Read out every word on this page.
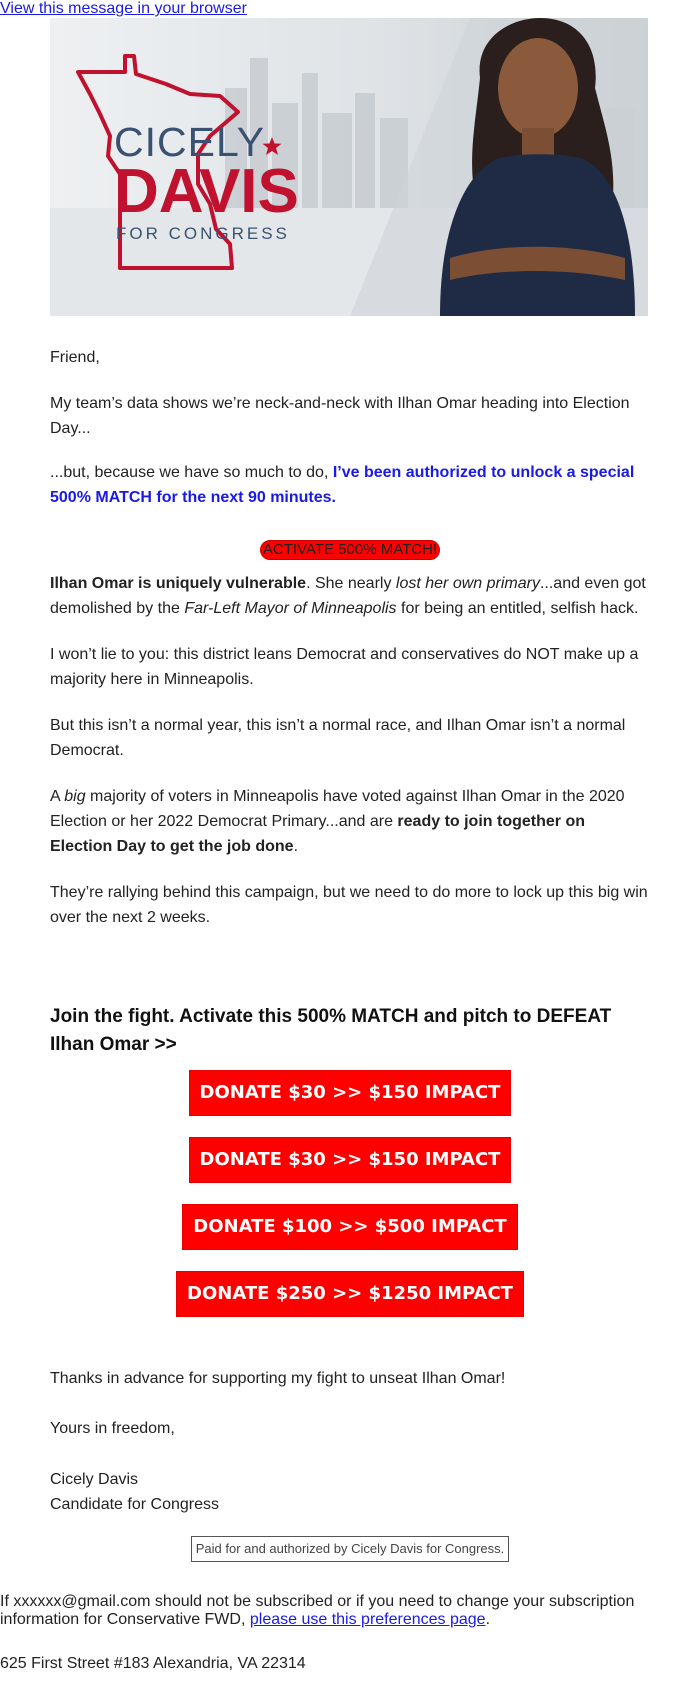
View this message in your browser
CICELY
DAVIS
FOR CONGRESS

Friend,

My team’s data shows we’re neck-and-neck with Ilhan Omar heading into Election Day...

...but, because we have so much to do, I’ve been authorized to unlock a special 500% MATCH for the next 90 minutes.

Ilhan Omar is uniquely vulnerable. She nearly lost her own primary...and even got demolished by the Far-Left Mayor of Minneapolis for being an entitled, selfish hack.

I won’t lie to you: this district leans Democrat and conservatives do NOT make up a majority here in Minneapolis.

But this isn’t a normal year, this isn’t a normal race, and Ilhan Omar isn’t a normal Democrat.

A big majority of voters in Minneapolis have voted against Ilhan Omar in the 2020 Election or her 2022 Democrat Primary...and are ready to join together on Election Day to get the job done.

They’re rallying behind this campaign, but we need to do more to lock up this big win over the next 2 weeks.

ACTIVATE 500% MATCH!
Join the fight. Activate this 500% MATCH and pitch to DEFEAT Ilhan Omar >>
DONATE $30 >> $150 IMPACT
DONATE $30 >> $150 IMPACT
DONATE $100 >> $500 IMPACT
DONATE $250 >> $1250 IMPACT
Thanks in advance for supporting my fight to unseat Ilhan Omar!
Yours in freedom,
Cicely Davis
Candidate for Congress
Paid for and authorized by Cicely Davis for Congress.
If xxxxxx@gmail.com should not be subscribed or if you need to change your subscription information for Conservative FWD, please use this preferences page.
625 First Street #183 Alexandria, VA 22314
